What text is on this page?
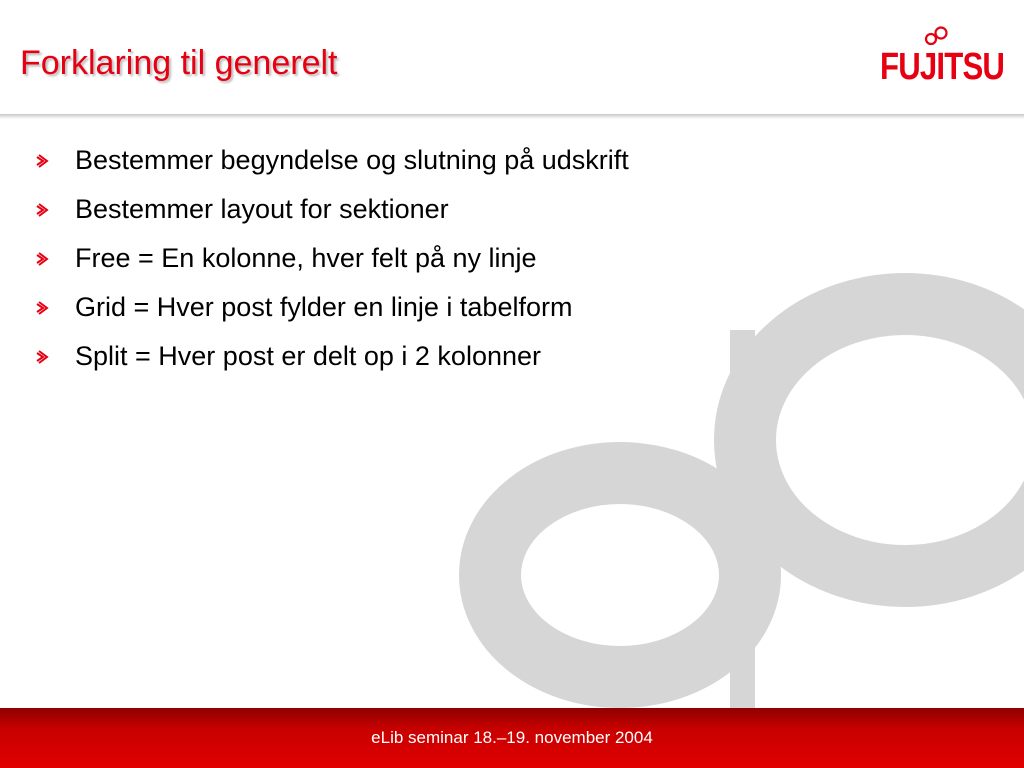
Forklaring til generelt	FUJITSU
Bestemmer begyndelse og slutning på udskrift
Bestemmer layout for sektioner
Free = En kolonne, hver felt på ny linje
Grid = Hver post fylder en linje i tabelform
Split = Hver post er delt op i 2 kolonner
eLib seminar 18.–19. november 2004
